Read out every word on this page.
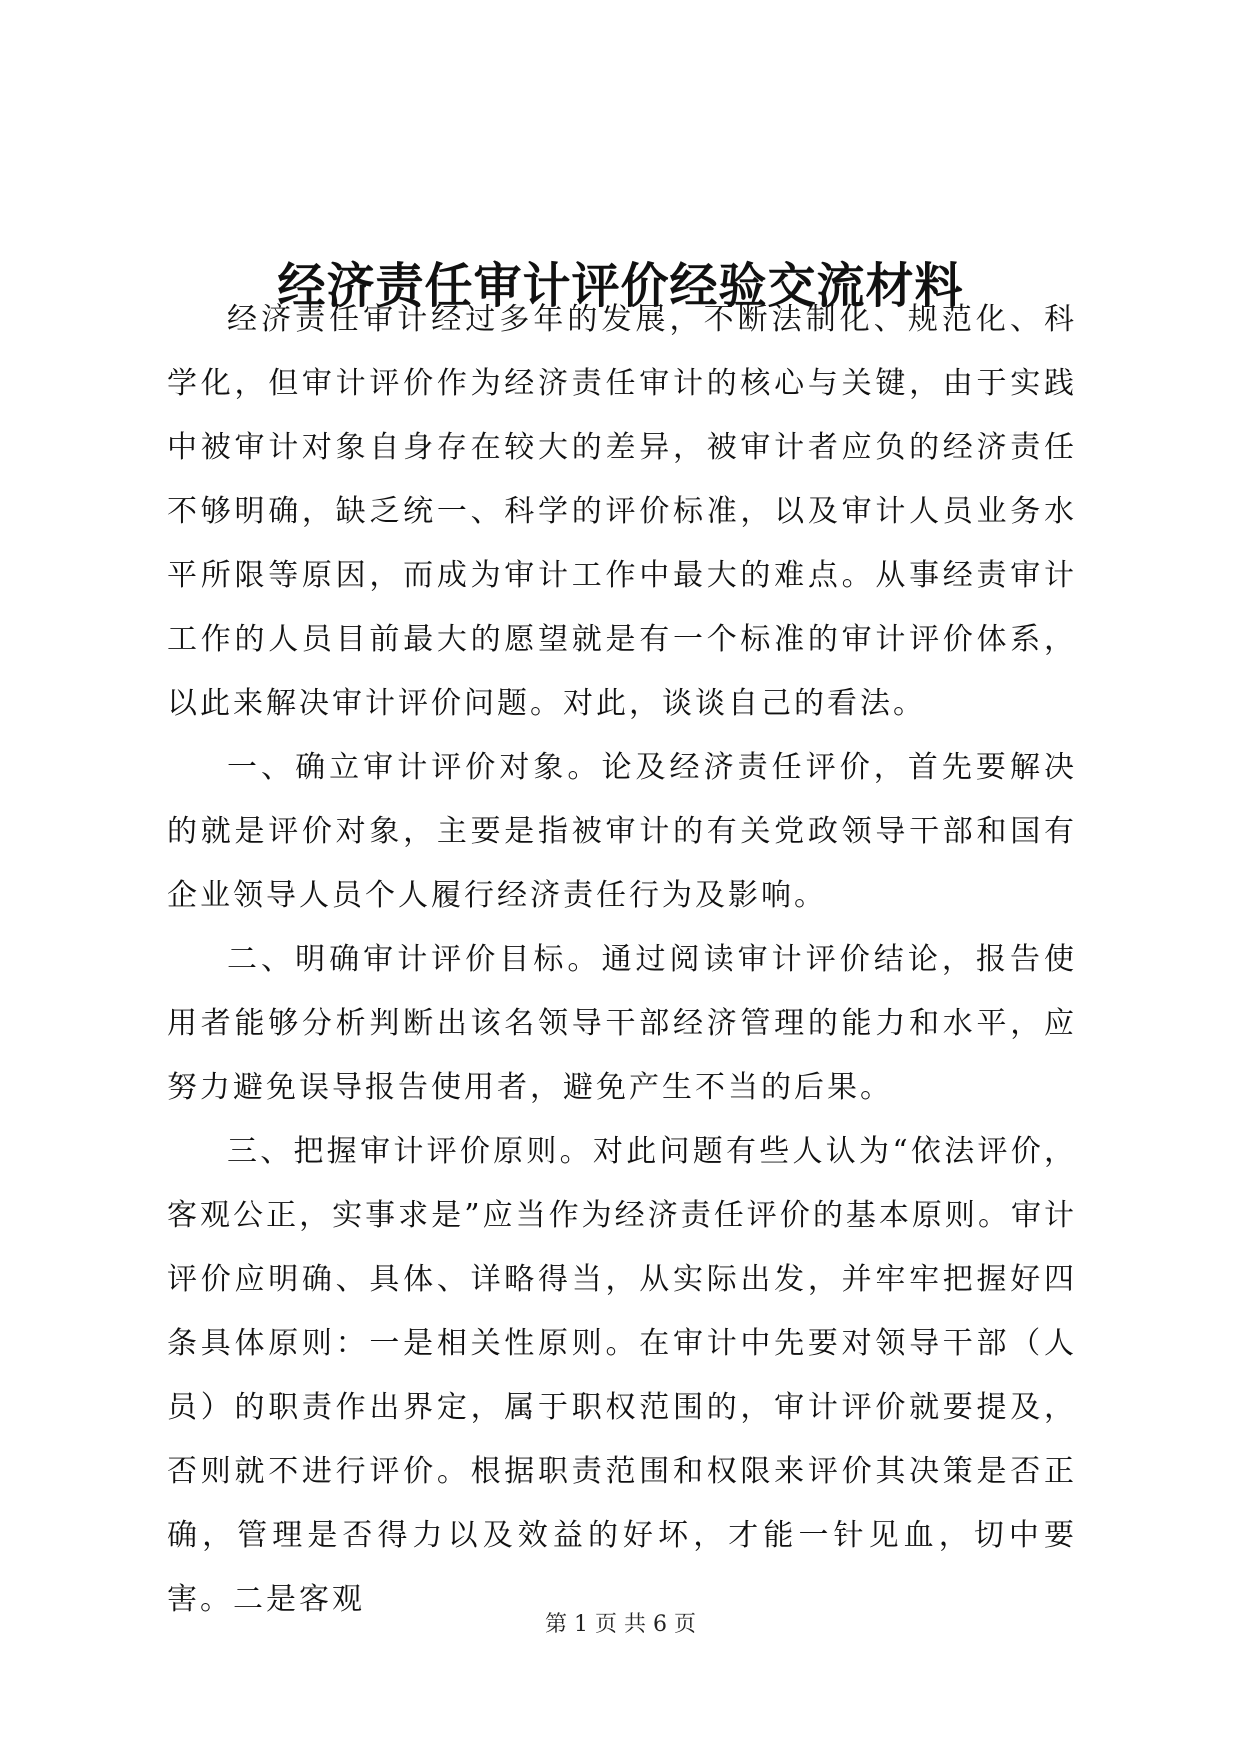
经济责任审计评价经验交流材料

经济责任审计经过多年的发展，不断法制化、规范化、科学化，但审计评价作为经济责任审计的核心与关键，由于实践中被审计对象自身存在较大的差异，被审计者应负的经济责任不够明确，缺乏统一、科学的评价标准，以及审计人员业务水平所限等原因，而成为审计工作中最大的难点。从事经责审计工作的人员目前最大的愿望就是有一个标准的审计评价体系，以此来解决审计评价问题。对此，谈谈自己的看法。

一、确立审计评价对象。论及经济责任评价，首先要解决的就是评价对象，主要是指被审计的有关党政领导干部和国有企业领导人员个人履行经济责任行为及影响。

二、明确审计评价目标。通过阅读审计评价结论，报告使用者能够分析判断出该名领导干部经济管理的能力和水平，应努力避免误导报告使用者，避免产生不当的后果。

三、把握审计评价原则。对此问题有些人认为“依法评价，客观公正，实事求是”应当作为经济责任评价的基本原则。审计评价应明确、具体、详略得当，从实际出发，并牢牢把握好四条具体原则：一是相关性原则。在审计中先要对领导干部（人员）的职责作出界定，属于职权范围的，审计评价就要提及，否则就不进行评价。根据职责范围和权限来评价其决策是否正确，管理是否得力以及效益的好坏，才能一针见血，切中要害。二是客观

第 1 页 共 6 页
